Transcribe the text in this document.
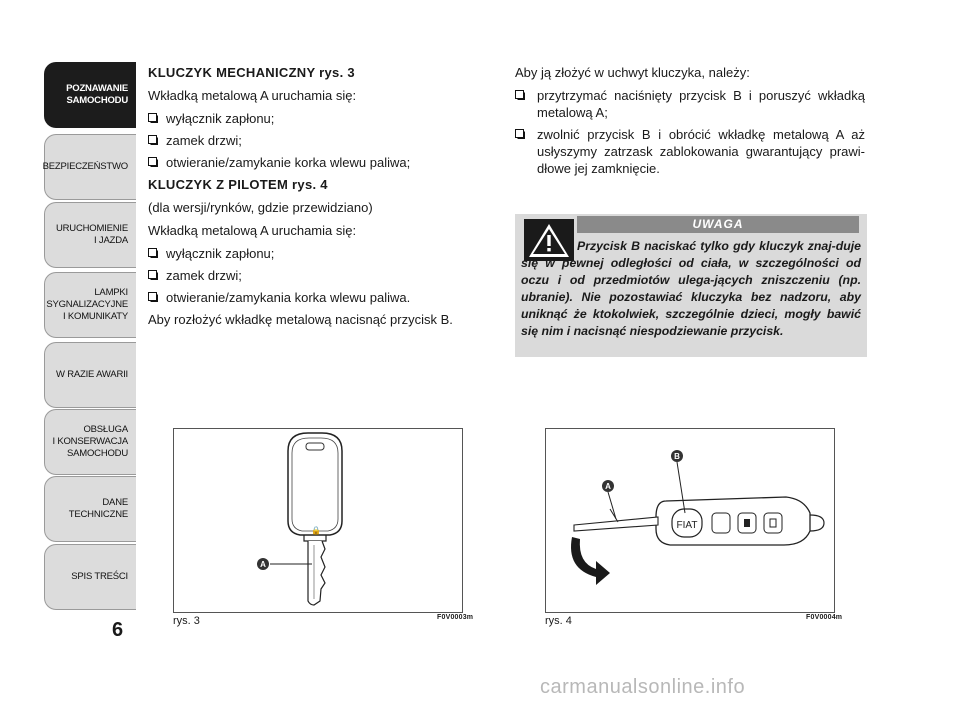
POZNAWANIE
SAMOCHODU
BEZPIECZEŃSTWO
URUCHOMIENIE
I JAZDA
LAMPKI
SYGNALIZACYJNE
I KOMUNIKATY
W RAZIE AWARII
OBSŁUGA
I KONSERWACJA
SAMOCHODU
DANE
TECHNICZNE
SPIS TREŚCI
6

KLUCZYK MECHANICZNY rys. 3

Wkładką metalową A uruchamia się:

wyłącznik zapłonu;
zamek drzwi;
otwieranie/zamykanie korka wlewu paliwa;

KLUCZYK Z PILOTEM rys. 4

(dla wersji/rynków, gdzie przewidziano)

Wkładką metalową A uruchamia się:

wyłącznik zapłonu;
zamek drzwi;
otwieranie/zamykania korka wlewu paliwa.

Aby rozłożyć wkładkę metalową nacisnąć przycisk B.

Aby ją złożyć w uchwyt kluczyka, należy:

przytrzymać naciśnięty przycisk B i poruszyć wkładką metalową A;
zwolnić przycisk B i obrócić wkładkę metalową A aż usłyszymy zatrzask zablokowania gwarantujący prawi-dłowe jej zamknięcie.
UWAGA
Przycisk B naciskać tylko gdy kluczyk znaj-duje się w pewnej odległości od ciała, w szczególności od oczu i od przedmiotów ulega-jących zniszczeniu (np. ubranie). Nie pozostawiać kluczyka bez nadzoru, aby uniknąć że ktokolwiek, szczególnie dzieci, mogły bawić się nim i nacisnąć niespodziewanie przycisk.
🔒
A
rys. 3	F0V0003m
FIAT
A
B
rys. 4	F0V0004m
carmanualsonline.info
